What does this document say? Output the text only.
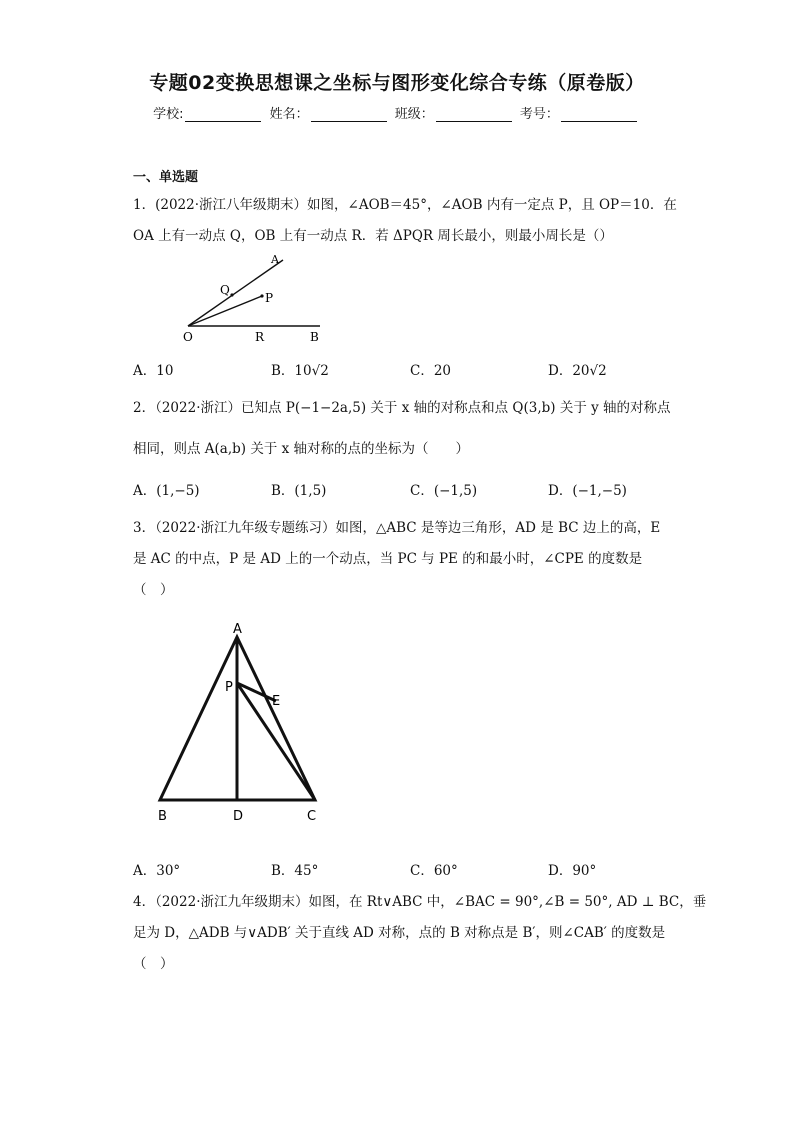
专题02变换思想课之坐标与图形变化综合专练（原卷版）
学校:	姓名：	班级：	考号：
一、单选题
1．(2022·浙江八年级期末）如图，∠AOB＝45°，∠AOB 内有一定点 P，且 OP＝10．在
OA 上有一动点 Q，OB 上有一动点 R．若 ΔPQR 周长最小，则最小周长是（）
A
Q
P
O	R	B
A．10	B．10√2	C．20	D．20√2
2．（2022·浙江）已知点 P(−1−2a,5) 关于 x 轴的对称点和点 Q(3,b) 关于 y 轴的对称点
相同，则点 A(a,b) 关于 x 轴对称的点的坐标为（　　）
A．(1,−5)	B．(1,5)	C．(−1,5)	D．(−1,−5)
3．（2022·浙江九年级专题练习）如图，△ABC 是等边三角形，AD 是 BC 边上的高，E
是 AC 的中点，P 是 AD 上的一个动点，当 PC 与 PE 的和最小时，∠CPE 的度数是
（　）
A
P
E
B	D	C
A．30°	B．45°	C．60°	D．90°
4．（2022·浙江九年级期末）如图，在 Rt∨ABC 中，∠BAC = 90°,∠B = 50°, AD ⊥ BC，垂
足为 D，△ADB 与∨ADB′ 关于直线 AD 对称，点的 B 对称点是 B′，则∠CAB′ 的度数是
（　）
